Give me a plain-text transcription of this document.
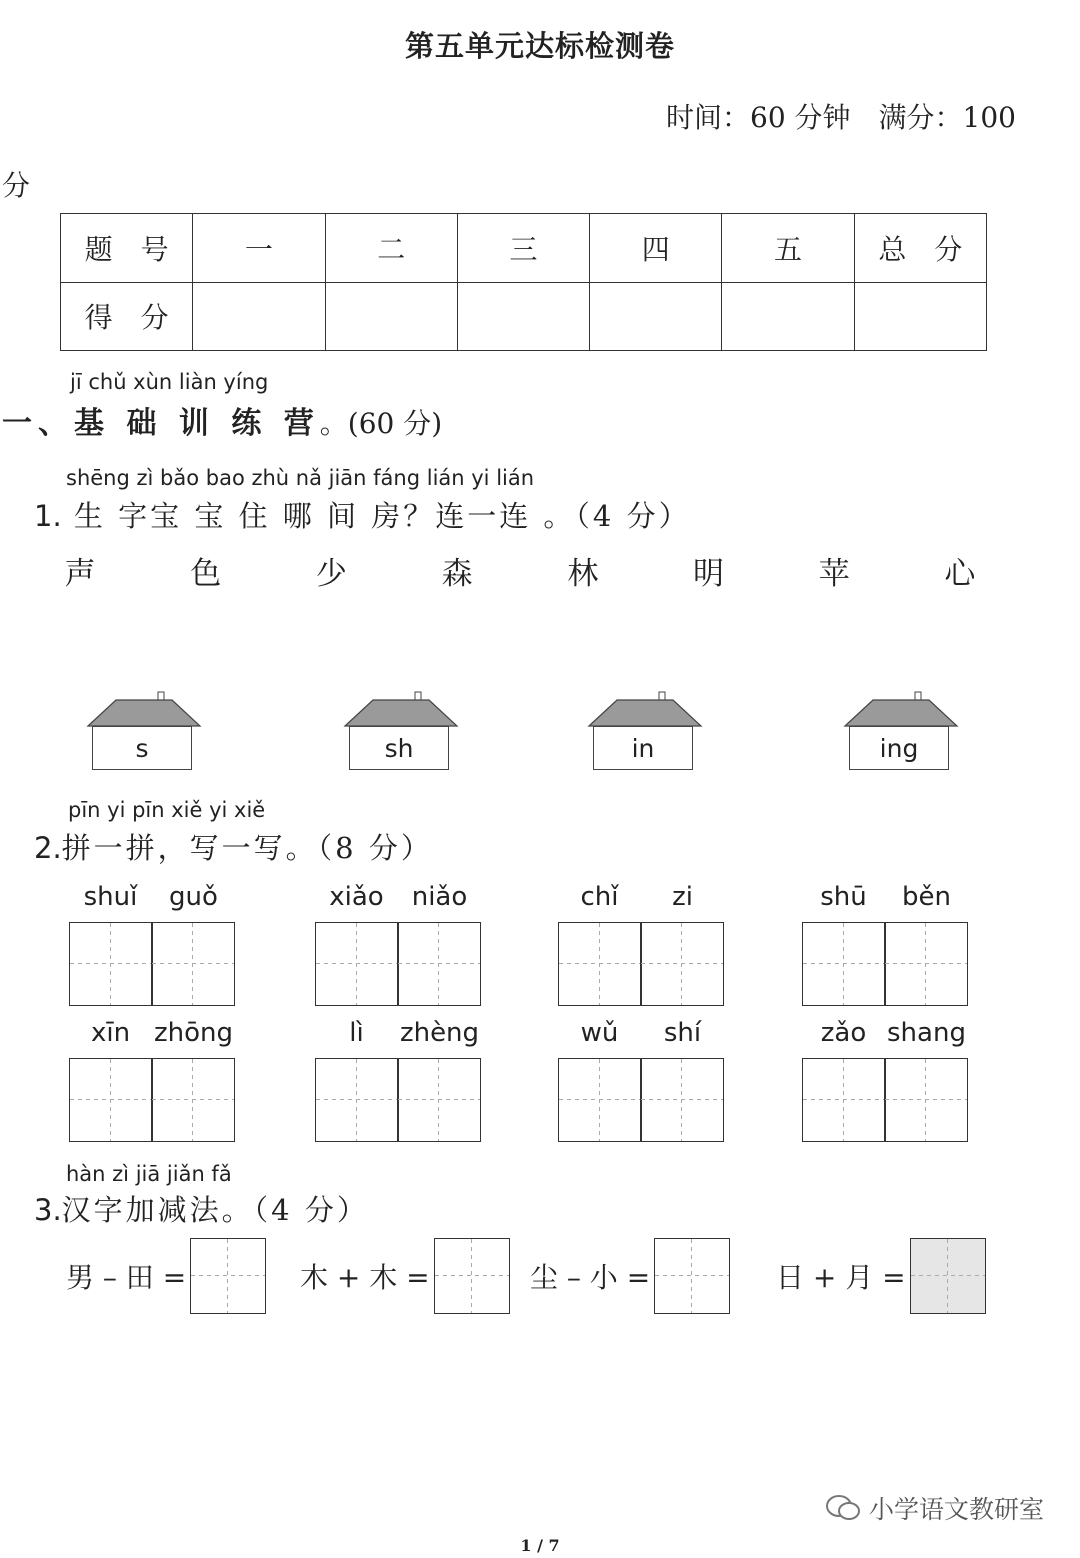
第五单元达标检测卷
时间：60 分钟 满分：100
分
题　号	一	二	三	四	五	总　分
得　分						
jī chǔ xùn liàn yíng
一、基 础 训 练 营。(60 分)
shēng zì bǎo bao zhù nǎ jiān fáng lián yi lián
1. 生 字宝 宝 住 哪 间 房？连一连 。（4 分）
声	色	少	森	林	明	苹	心
s	sh	in	ing
pīn yi pīn xiě yi xiě
2.拼一拼，写一写。（8 分）
shuǐ	guǒ	xiǎo	niǎo	chǐ	zi	shū	běn
xīn zhōng	lì	zhèng	wǔ	shí	zǎo shang
hàn zì jiā jiǎn fǎ
3.汉字加减法。（4 分）
男 – 田 =	木 + 木 =	尘 – 小 =	日 + 月 =
小学语文教研室
1 / 7
